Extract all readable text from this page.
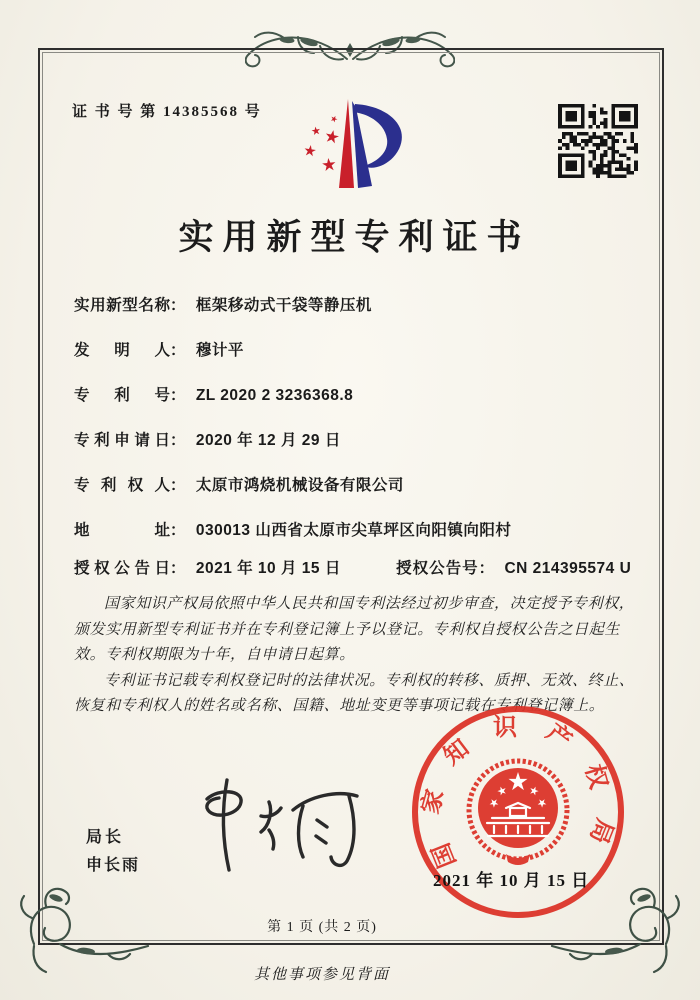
证 书 号 第 14385568 号
实用新型专利证书
实用新型名称： 框架移动式干袋等静压机
发明人： 穆计平
专利号： ZL 2020 2 3236368.8
专利申请日： 2020 年 12 月 29 日
专利权人： 太原市鸿烧机械设备有限公司
地址： 030013 山西省太原市尖草坪区向阳镇向阳村
授权公告日： 2021 年 10 月 15 日	授权公告号： CN 214395574 U

国家知识产权局依照中华人民共和国专利法经过初步审查，决定授予专利权，颁发实用新型专利证书并在专利登记簿上予以登记。专利权自授权公告之日起生效。专利权期限为十年，自申请日起算。

专利证书记载专利权登记时的法律状况。专利权的转移、质押、无效、终止、恢复和专利权人的姓名或名称、国籍、地址变更等事项记载在专利登记簿上。

局长
申长雨	国家知识产权局
2021 年 10 月 15 日
第 1 页 (共 2 页)
其他事项参见背面
